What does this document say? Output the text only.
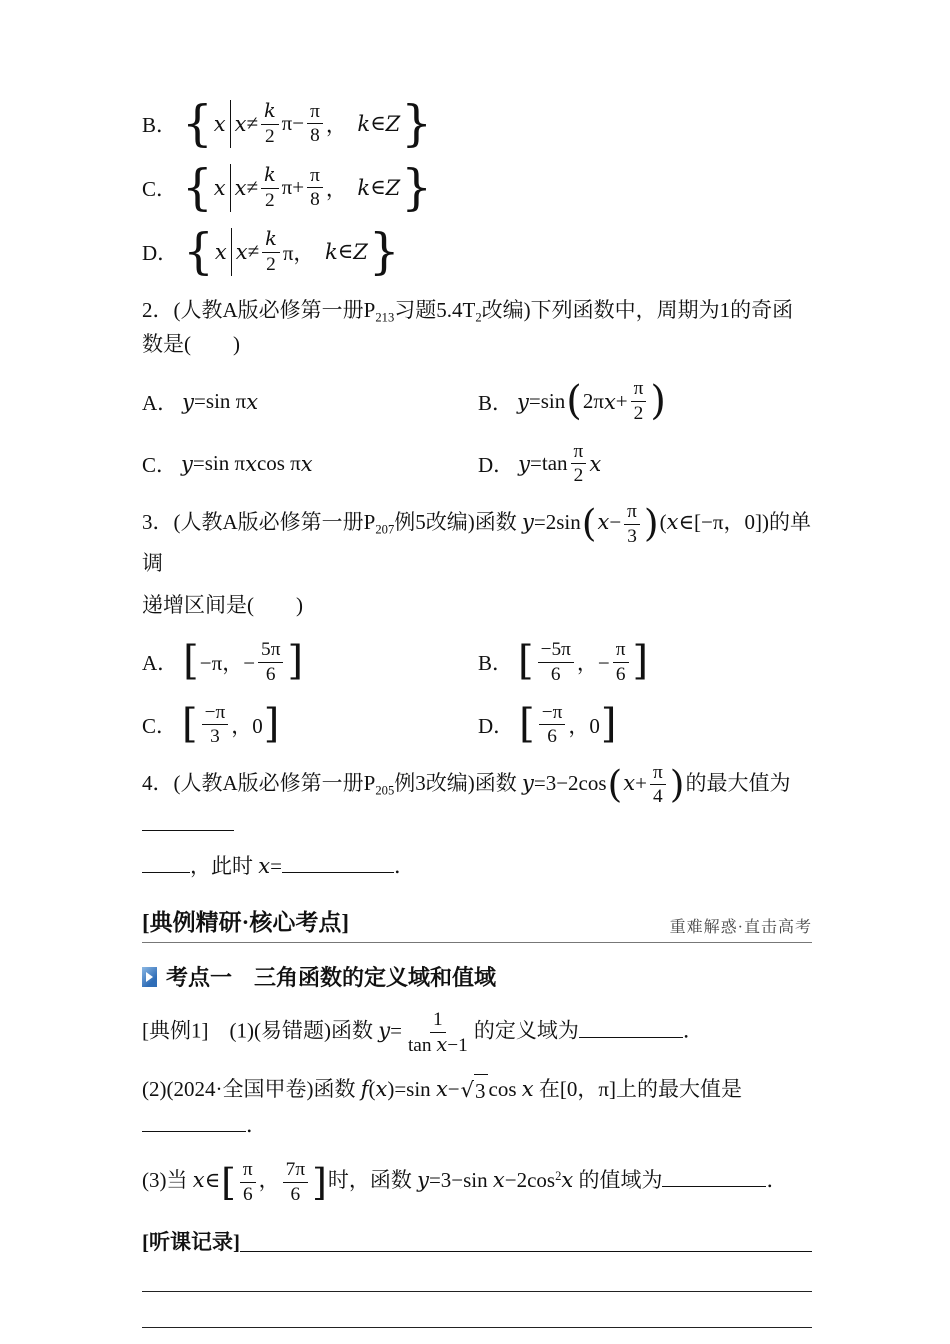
B． { x $x \ne \frac{k}{2} \pi- \frac{\pi}{8}$ ，　 k ∈ Z }
C． { x $x \ne \frac{k}{2} \pi+ \frac{\pi}{8}$ ，　 k ∈ Z }
D． { x $x \ne \frac{k}{2}$ π，　 k ∈ Z }
2．(人教A版必修第一册$P_{213}$习题$5.4T_2$改编)下列函数中，周期为1的奇函数是(　　)
A． y =sin π x	B． y =sin ( 2π $x + \frac{\pi}{2}$ )
C． y =sin π x cos π x	D． $y =\tan \frac{\pi}{2}$ x
3．(人教A版必修第一册$P_{207}$例5改编)函数 $y=2\sin(x- \frac{\pi}{3}$ )(x∈[−π，0])的单调
递增区间是(　　)
A． [ −π，− $\frac{5\pi}{6}$ ]	B． [ $\frac{-5\pi}{6}$ ，− $\frac{\pi}{6}$ ]
C． [ $\frac{-\pi}{3}$ ，0 ]	D． [ $\frac{-\pi}{6}$ ，0 ]
4．(人教A版必修第一册$P_{205}$例3改编)函数 $y=3-2\cos(x+ \frac{\pi}{4}$ )的最大值为
，此时 x=	．
[典例精研·核心考点]	重难解惑·直击高考
考点一　三角函数的定义域和值域
[典例1]　(1)(易错题)函数 $y= \frac{1}{\text{tan x−1}}$ 的定义域为	．
(2)(2024·全国甲卷)函数 f(x)=sin x− √ 3 cos x 在[0，π]上的最大值是．
(3)当 x∈[ $\frac{\pi}{6}$ ， $\frac{7\pi}{6}$ ]时，函数 y=3−sin $x-2\cos^2x$ 的值域为	．
[听课记录]
